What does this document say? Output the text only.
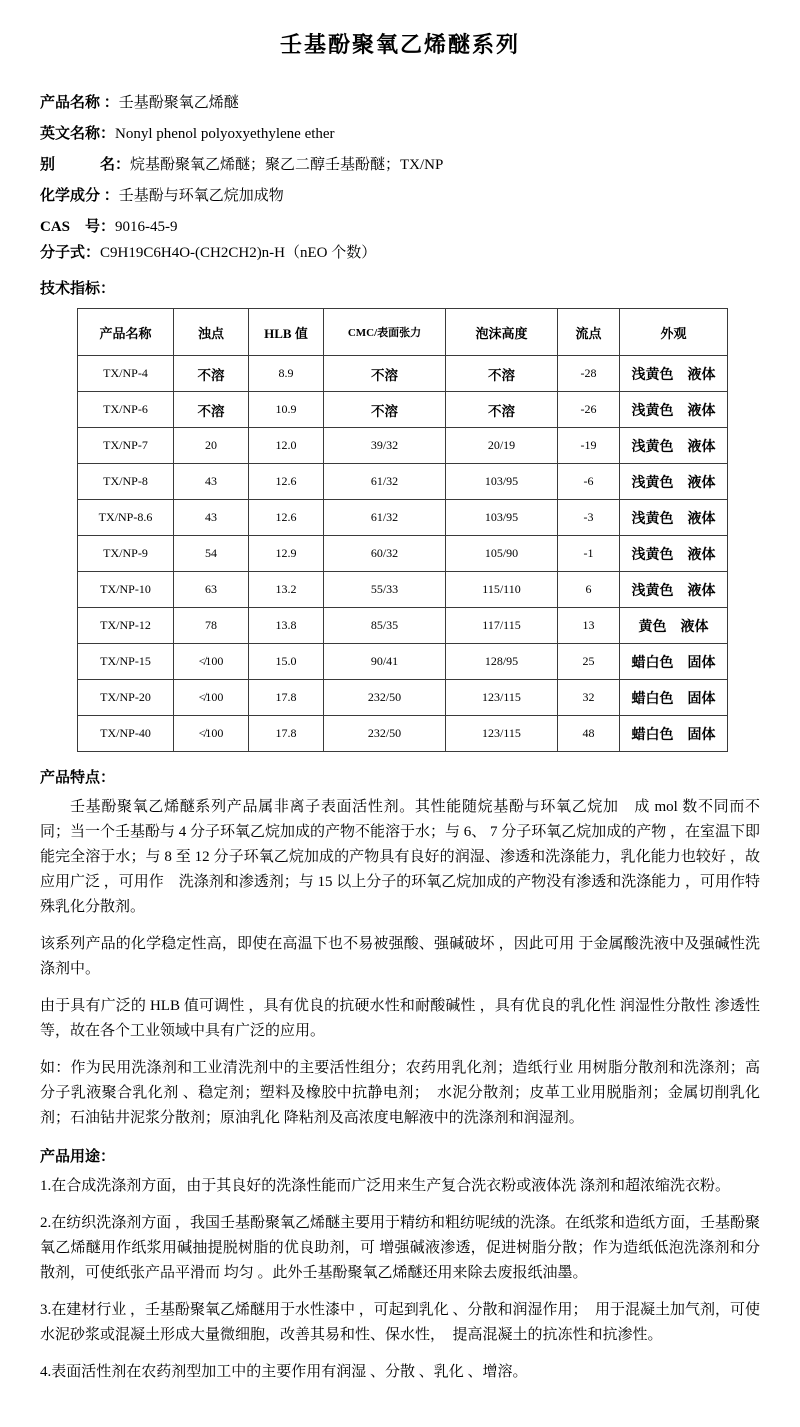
壬基酚聚氧乙烯醚系列
产品名称 ： 壬基酚聚氧乙烯醚
英文名称： Nonyl phenol polyoxyethylene ether
别　　　名： 烷基酚聚氧乙烯醚；聚乙二醇壬基酚醚；TX/NP
化学成分 ： 壬基酚与环氧乙烷加成物
CAS　号： 9016-45-9
分子式： C9H19C6H4O-(CH2CH2)n-H（nEO 个数）
技术指标：
产品名称	浊点	HLB 值	CMC/表面张力	泡沫高度	流点	外观
TX/NP-4	不溶	8.9	不溶	不溶	-28	浅黄色　液体
TX/NP-6	不溶	10.9	不溶	不溶	-26	浅黄色　液体
TX/NP-7	20	12.0	39/32	20/19	-19	浅黄色　液体
TX/NP-8	43	12.6	61/32	103/95	-6	浅黄色　液体
TX/NP-8.6	43	12.6	61/32	103/95	-3	浅黄色　液体
TX/NP-9	54	12.9	60/32	105/90	-1	浅黄色　液体
TX/NP-10	63	13.2	55/33	115/110	6	浅黄色　液体
TX/NP-12	78	13.8	85/35	117/115	13	黄色　液体
TX/NP-15	≮100	15.0	90/41	128/95	25	蜡白色　固体
TX/NP-20	≮100	17.8	232/50	123/115	32	蜡白色　固体
TX/NP-40	≮100	17.8	232/50	123/115	48	蜡白色　固体
产品特点：

壬基酚聚氧乙烯醚系列产品属非离子表面活性剂。其性能随烷基酚与环氧乙烷加　成 mol 数不同而不同；当一个壬基酚与 4 分子环氧乙烷加成的产物不能溶于水；与 6、 7 分子环氧乙烷加成的产物 ，在室温下即能完全溶于水；与 8 至 12 分子环氧乙烷加成的产物具有良好的润湿、渗透和洗涤能力，乳化能力也较好 ，故应用广泛 ，可用作　洗涤剂和渗透剂；与 15 以上分子的环氧乙烷加成的产物没有渗透和洗涤能力 ，可用作特殊乳化分散剂。

该系列产品的化学稳定性高，即使在高温下也不易被强酸、强碱破坏 ，因此可用 于金属酸洗液中及强碱性洗涤剂中。

由于具有广泛的 HLB 值可调性 ，具有优良的抗硬水性和耐酸碱性 ，具有优良的乳化性 润湿性分散性 渗透性等，故在各个工业领域中具有广泛的应用。

如：作为民用洗涤剂和工业清洗剂中的主要活性组分；农药用乳化剂；造纸行业 用树脂分散剂和洗涤剂；高分子乳液聚合乳化剂 、稳定剂；塑料及橡胶中抗静电剂；　水泥分散剂；皮革工业用脱脂剂；金属切削乳化剂；石油钻井泥浆分散剂；原油乳化 降粘剂及高浓度电解液中的洗涤剂和润湿剂。

产品用途：

1.在合成洗涤剂方面，由于其良好的洗涤性能而广泛用来生产复合洗衣粉或液体洗 涤剂和超浓缩洗衣粉。

2.在纺织洗涤剂方面 ，我国壬基酚聚氧乙烯醚主要用于精纺和粗纺呢绒的洗涤。在纸浆和造纸方面，壬基酚聚氧乙烯醚用作纸浆用碱抽提脱树脂的优良助剂，可 增强碱液渗透，促进树脂分散；作为造纸低泡洗涤剂和分散剂，可使纸张产品平滑而 均匀 。此外壬基酚聚氧乙烯醚还用来除去废报纸油墨。

3.在建材行业 ，壬基酚聚氧乙烯醚用于水性漆中 ，可起到乳化 、分散和润湿作用；  用于混凝土加气剂，可使水泥砂浆或混凝土形成大量微细胞，改善其易和性、保水性，  提高混凝土的抗冻性和抗渗性。

4.表面活性剂在农药剂型加工中的主要作用有润湿 、分散 、乳化 、增溶。
